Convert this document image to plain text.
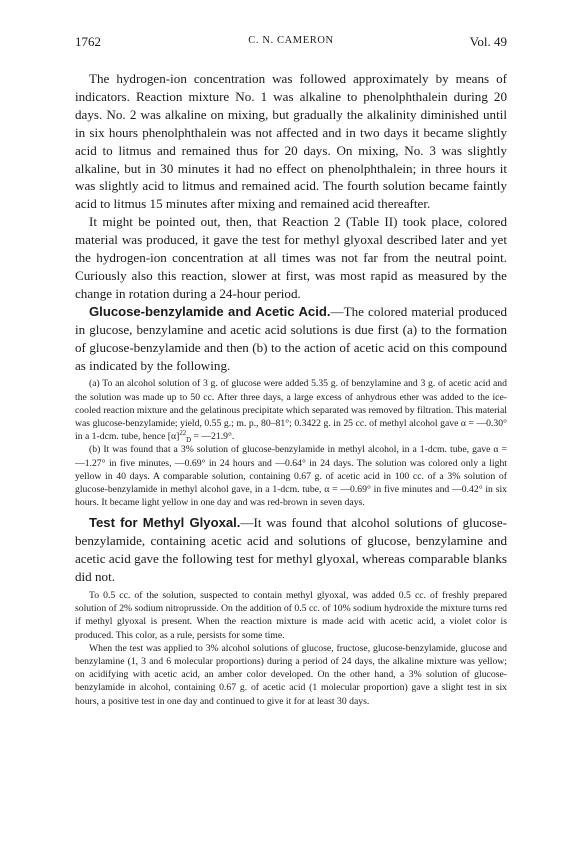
1762	C. N. CAMERON	Vol. 49

The hydrogen-ion concentration was followed approximately by means of indicators. Reaction mixture No. 1 was alkaline to phenolphthalein during 20 days. No. 2 was alkaline on mixing, but gradually the alkalinity diminished until in six hours phenolphthalein was not affected and in two days it became slightly acid to litmus and remained thus for 20 days. On mixing, No. 3 was slightly alkaline, but in 30 minutes it had no effect on phenolphthalein; in three hours it was slightly acid to litmus and remained acid. The fourth solution became faintly acid to litmus 15 minutes after mixing and remained acid thereafter.

It might be pointed out, then, that Reaction 2 (Table II) took place, colored material was produced, it gave the test for methyl glyoxal described later and yet the hydrogen-ion concentration at all times was not far from the neutral point. Curiously also this reaction, slower at first, was most rapid as measured by the change in rotation during a 24-hour period.

Glucose-benzylamide and Acetic Acid.—The colored material produced in glucose, benzylamine and acetic acid solutions is due first (a) to the formation of glucose-benzylamide and then (b) to the action of acetic acid on this compound as indicated by the following.

(a) To an alcohol solution of 3 g. of glucose were added 5.35 g. of benzylamine and 3 g. of acetic acid and the solution was made up to 50 cc. After three days, a large excess of anhydrous ether was added to the ice-cooled reaction mixture and the gelatinous precipitate which separated was removed by filtration. This material was glucose-benzylamide; yield, 0.55 g.; m. p., 80–81°; 0.3422 g. in 25 cc. of methyl alcohol gave α = —0.30° in a 1-dcm. tube, hence $[\alpha]^{22}_D$ = —21.9°.

(b) It was found that a 3% solution of glucose-benzylamide in methyl alcohol, in a 1-dcm. tube, gave α = —1.27° in five minutes, —0.69° in 24 hours and —0.64° in 24 days. The solution was colored only a light yellow in 40 days. A comparable solution, containing 0.67 g. of acetic acid in 100 cc. of a 3% solution of glucose-benzylamide in methyl alcohol gave, in a 1-dcm. tube, α = —0.69° in five minutes and —0.42° in six hours. It became light yellow in one day and was red-brown in seven days.

Test for Methyl Glyoxal.—It was found that alcohol solutions of glucose-benzylamide, containing acetic acid and solutions of glucose, benzylamine and acetic acid gave the following test for methyl glyoxal, whereas comparable blanks did not.

To 0.5 cc. of the solution, suspected to contain methyl glyoxal, was added 0.5 cc. of freshly prepared solution of 2% sodium nitroprusside. On the addition of 0.5 cc. of 10% sodium hydroxide the mixture turns red if methyl glyoxal is present. When the reaction mixture is made acid with acetic acid, a violet color is produced. This color, as a rule, persists for some time.

When the test was applied to 3% alcohol solutions of glucose, fructose, glucose-benzylamide, glucose and benzylamine (1, 3 and 6 molecular proportions) during a period of 24 days, the alkaline mixture was yellow; on acidifying with acetic acid, an amber color developed. On the other hand, a 3% solution of glucose-benzylamide in alcohol, containing 0.67 g. of acetic acid (1 molecular proportion) gave a slight test in six hours, a positive test in one day and continued to give it for at least 30 days.
